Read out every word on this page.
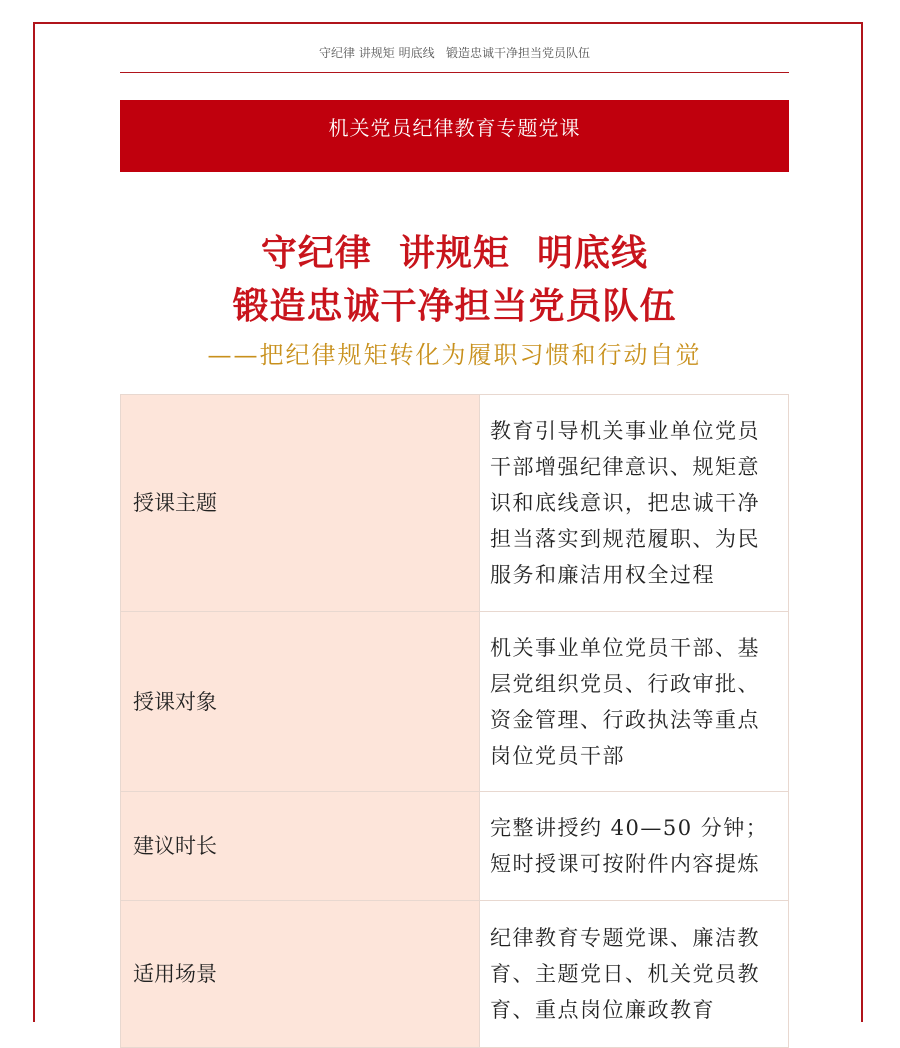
守纪律 讲规矩 明底线   锻造忠诚干净担当党员队伍
机关党员纪律教育专题党课
守纪律  讲规矩  明底线
锻造忠诚干净担当党员队伍
——把纪律规矩转化为履职习惯和行动自觉
授课主题	教育引导机关事业单位党员干部增强纪律意识、规矩意识和底线意识，把忠诚干净担当落实到规范履职、为民服务和廉洁用权全过程
授课对象	机关事业单位党员干部、基层党组织党员、行政审批、资金管理、行政执法等重点岗位党员干部
建议时长	完整讲授约 40—50 分钟；短时授课可按附件内容提炼
适用场景	纪律教育专题党课、廉洁教育、主题党日、机关党员教育、重点岗位廉政教育
